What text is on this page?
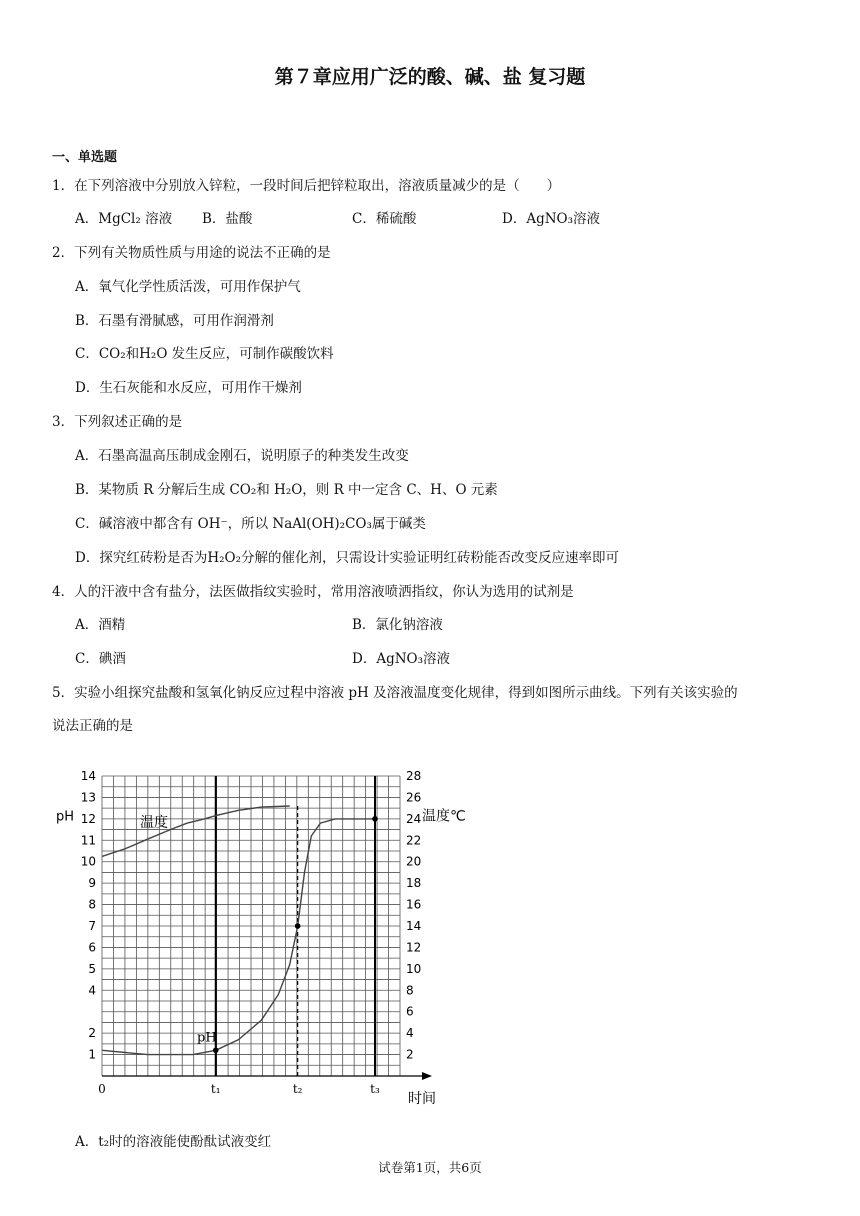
第７章应用广泛的酸、碱、盐 复习题
一、单选题
1．在下列溶液中分别放入锌粒，一段时间后把锌粒取出，溶液质量减少的是（　　）
A．MgCl₂ 溶液 B．盐酸	C．稀硫酸	D．AgNO₃溶液
2．下列有关物质性质与用途的说法不正确的是
A．氧气化学性质活泼，可用作保护气
B．石墨有滑腻感，可用作润滑剂
C．CO₂和H₂O 发生反应，可制作碳酸饮料
D．生石灰能和水反应，可用作干燥剂
3．下列叙述正确的是
A．石墨高温高压制成金刚石，说明原子的种类发生改变
B．某物质 R 分解后生成 CO₂和 H₂O，则 R 中一定含 C、H、O 元素
C．碱溶液中都含有 OH⁻，所以 NaAl(OH)₂CO₃属于碱类
D．探究红砖粉是否为H₂O₂分解的催化剂，只需设计实验证明红砖粉能否改变反应速率即可
4．人的汗液中含有盐分，法医做指纹实验时，常用溶液喷洒指纹，你认为选用的试剂是
A．酒精	B．氯化钠溶液
C．碘酒	D．AgNO₃溶液
5．实验小组探究盐酸和氢氧化钠反应过程中溶液 pH 及溶液温度变化规律，得到如图所示曲线。下列有关该实验的
说法正确的是
1
2
4
5
6
7
8
9
10
11
12
13
14
2
4
6
8
10
12
14
16
18
20
22
24
26
28
pH	温度℃
时间
0	t₁	t₂	t₃
温度
pH
A．t₂时的溶液能使酚酞试液变红
试卷第1页，共6页
